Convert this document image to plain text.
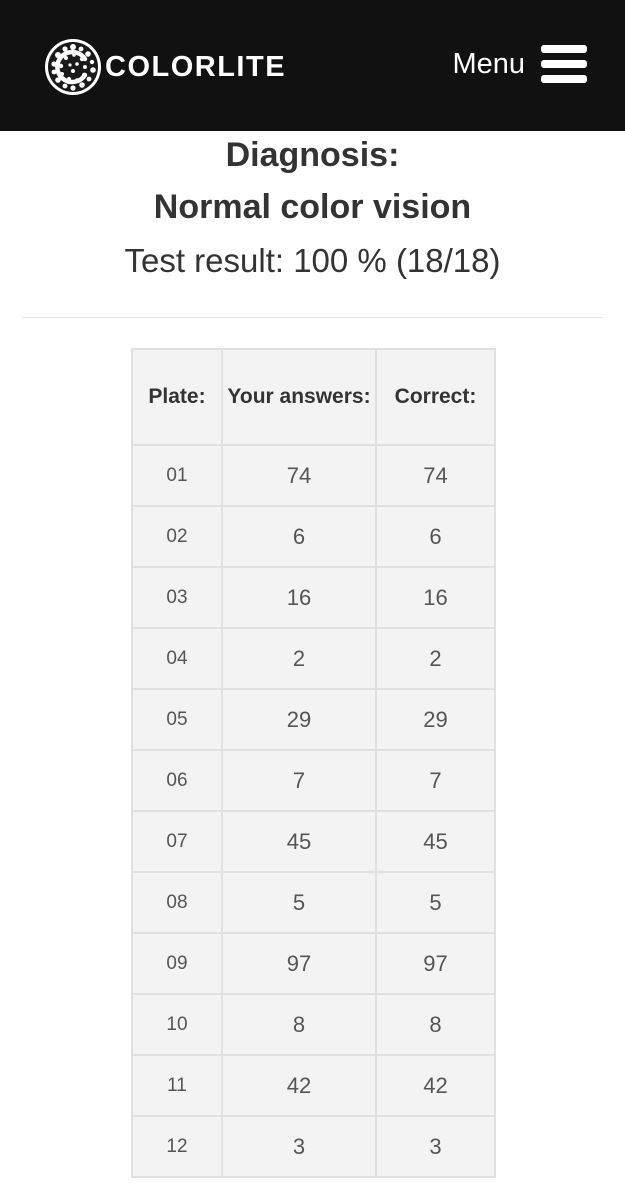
COLORLITE	Menu
Diagnosis:
Normal color vision
Test result: 100 % (18/18)
Plate:	Your answers:	Correct:
01	74	74
02	6	6
03	16	16
04	2	2
05	29	29
06	7	7
07	45	45
08	5	5
09	97	97
10	8	8
11	42	42
12	3	3
